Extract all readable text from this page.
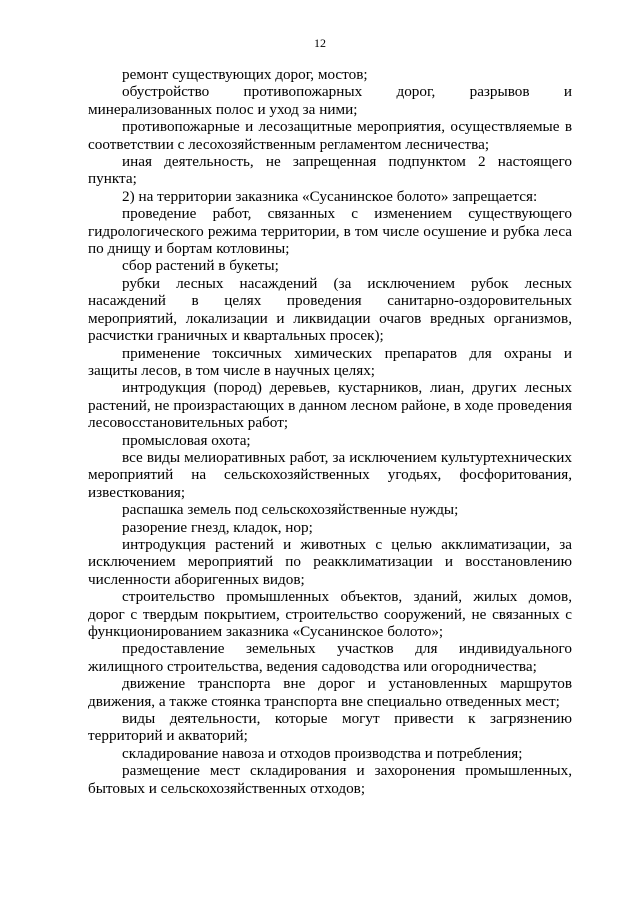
12

ремонт существующих дорог, мостов;

обустройство противопожарных дорог, разрывов и минерализованных полос и уход за ними;

противопожарные и лесозащитные мероприятия, осуществляемые в соответствии с лесохозяйственным регламентом лесничества;

иная деятельность, не запрещенная подпунктом 2 настоящего пункта;

2) на территории заказника «Сусанинское болото» запрещается:

проведение работ, связанных с изменением существующего гидрологического режима территории, в том числе осушение и рубка леса по днищу и бортам котловины;

сбор растений в букеты;

рубки лесных насаждений (за исключением рубок лесных насаждений в целях проведения санитарно-оздоровительных мероприятий, локализации и ликвидации очагов вредных организмов, расчистки граничных и квартальных просек);

применение токсичных химических препаратов для охраны и защиты лесов, в том числе в научных целях;

интродукция (пород) деревьев, кустарников, лиан, других лесных растений, не произрастающих в данном лесном районе, в ходе проведения лесовосстановительных работ;

промысловая охота;

все виды мелиоративных работ, за исключением культуртехнических мероприятий на сельскохозяйственных угодьях, фосфоритования, известкования;

распашка земель под сельскохозяйственные нужды;

разорение гнезд, кладок, нор;

интродукция растений и животных с целью акклиматизации, за исключением мероприятий по реакклиматизации и восстановлению численности аборигенных видов;

строительство промышленных объектов, зданий, жилых домов, дорог с твердым покрытием, строительство сооружений, не связанных с функционированием заказника «Сусанинское болото»;

предоставление земельных участков для индивидуального жилищного строительства, ведения садоводства или огородничества;

движение транспорта вне дорог и установленных маршрутов движения, а также стоянка транспорта вне специально отведенных мест;

виды деятельности, которые могут привести к загрязнению территорий и акваторий;

складирование навоза и отходов производства и потребления;

размещение мест складирования и захоронения промышленных, бытовых и сельскохозяйственных отходов;
